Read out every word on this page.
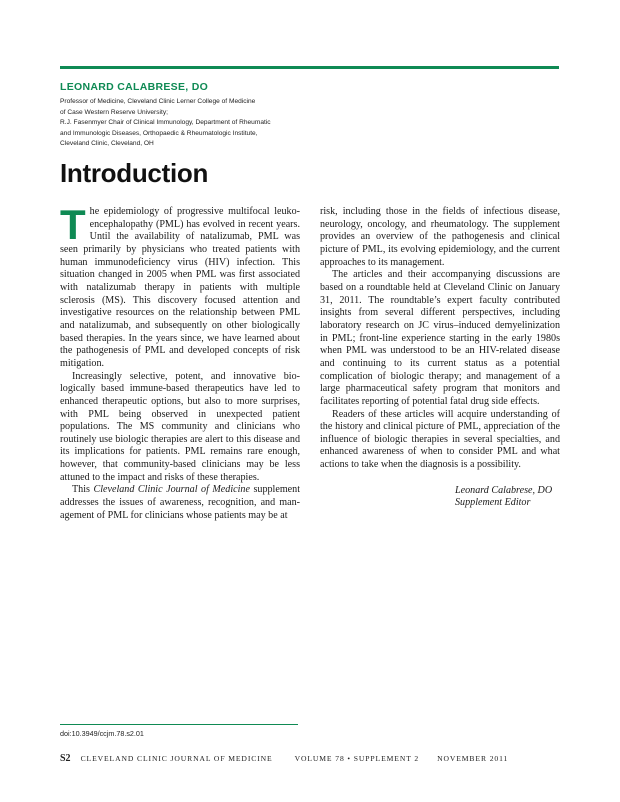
LEONARD CALABRESE, DO

Professor of Medicine, Cleveland Clinic Lerner College of Medicine

of Case Western Reserve University;

R.J. Fasenmyer Chair of Clinical Immunology, Department of Rheumatic

and Immunologic Diseases, Orthopaedic & Rheumatologic Institute,

Cleveland Clinic, Cleveland, OH

Introduction

The epidemiology of progressive multifocal leukoencephalopathy (PML) has evolved in recent years. Until the availability of natalizumab, PML was seen primarily by physicians who treated patients with human immunodeficiency virus (HIV) infection. This situation changed in 2005 when PML was first associated with natalizumab therapy in patients with multiple sclerosis (MS). This discovery focused attention and investigative resources on the relationship between PML and natalizumab, and subsequently on other biologically based therapies. In the years since, we have learned about the pathogenesis of PML and developed concepts of risk mitigation.

Increasingly selective, potent, and innovative biologically based immune-based therapeutics have led to enhanced therapeutic options, but also to more surprises, with PML being observed in unexpected patient populations. The MS community and clinicians who routinely use biologic therapies are alert to this disease and its implications for patients. PML remains rare enough, however, that community-based clinicians may be less attuned to the impact and risks of these therapies.

This Cleveland Clinic Journal of Medicine supplement addresses the issues of awareness, recognition, and management of PML for clinicians whose patients may be at

risk, including those in the fields of infectious disease, neurology, oncology, and rheumatology. The supplement provides an overview of the pathogenesis and clinical picture of PML, its evolving epidemiology, and the current approaches to its management.

The articles and their accompanying discussions are based on a roundtable held at Cleveland Clinic on January 31, 2011. The roundtable’s expert faculty contributed insights from several different perspectives, including laboratory research on JC virus–induced demyelinization in PML; front-line experience starting in the early 1980s when PML was understood to be an HIV-related disease and continuing to its current status as a potential complication of biologic therapy; and management of a large pharmaceutical safety program that monitors and facilitates reporting of potential fatal drug side effects.

Readers of these articles will acquire understanding of the history and clinical picture of PML, appreciation of the influence of biologic therapies in several specialties, and enhanced awareness of when to consider PML and what actions to take when the diagnosis is a possibility.

Leonard Calabrese, DO
Supplement Editor
doi:10.3949/ccjm.78.s2.01
S2 CLEVELAND CLINIC JOURNAL OF MEDICINE	VOLUME 78 • SUPPLEMENT 2 NOVEMBER 2011
